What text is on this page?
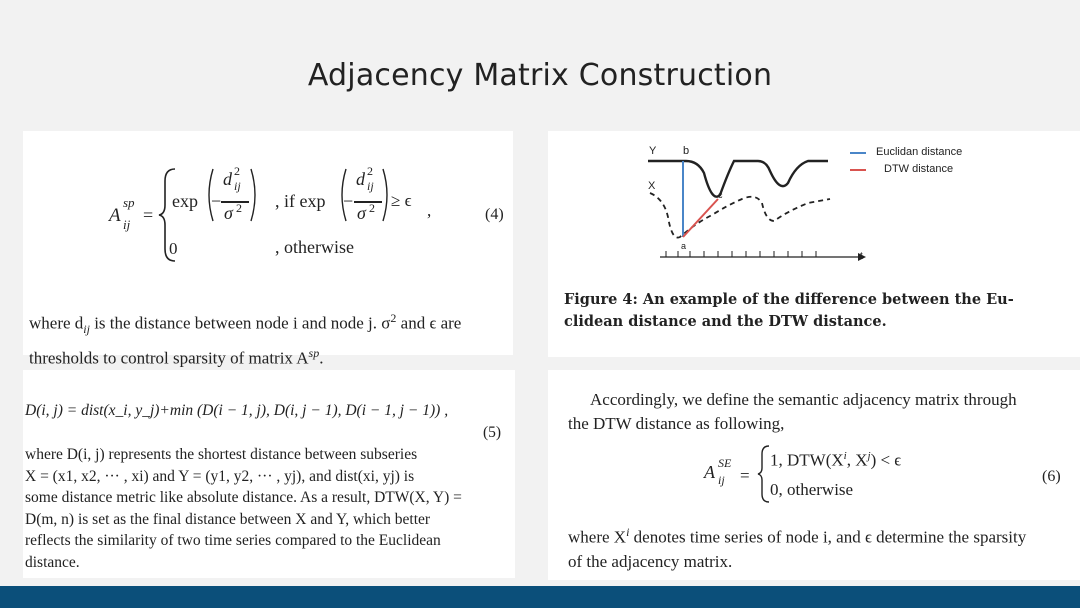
Adjacency Matrix Construction
A
sp
ij =
exp −
d 2
ij
σ 2 , if exp −
d 2
ij
σ 2 ≥ ϵ
,	(4)
0	, otherwise
where $d_{ij}$ is the distance between node i and node j. $\sigma^2$ and ϵ are
thresholds to control sparsity of matrix $A^{sp}$.
Y b
X
c
a
t
Euclidan distance
DTW distance
Figure 4: An example of the difference between the Eu-
clidean distance and the DTW distance.
D(i, j) = dist(x_i, y_j)+min (D(i − 1, j), D(i, j − 1), D(i − 1, j − 1)) ,
(5)
where D(i, j) represents the shortest distance between subseries
X = (x1, x2, ··· , xi) and Y = (y1, y2, ··· , yj), and dist(xi, yj) is
some distance metric like absolute distance. As a result, DTW(X, Y) =
D(m, n) is set as the final distance between X and Y, which better
reflects the similarity of two time series compared to the Euclidean
distance.
Accordingly, we define the semantic adjacency matrix through
the DTW distance as following,
A SE
ij =
1, $DTW(X^i$, $X^j) < \epsilon$
0, otherwise
(6)
where $X^i$ denotes time series of node i, and ϵ determine the sparsity
of the adjacency matrix.
